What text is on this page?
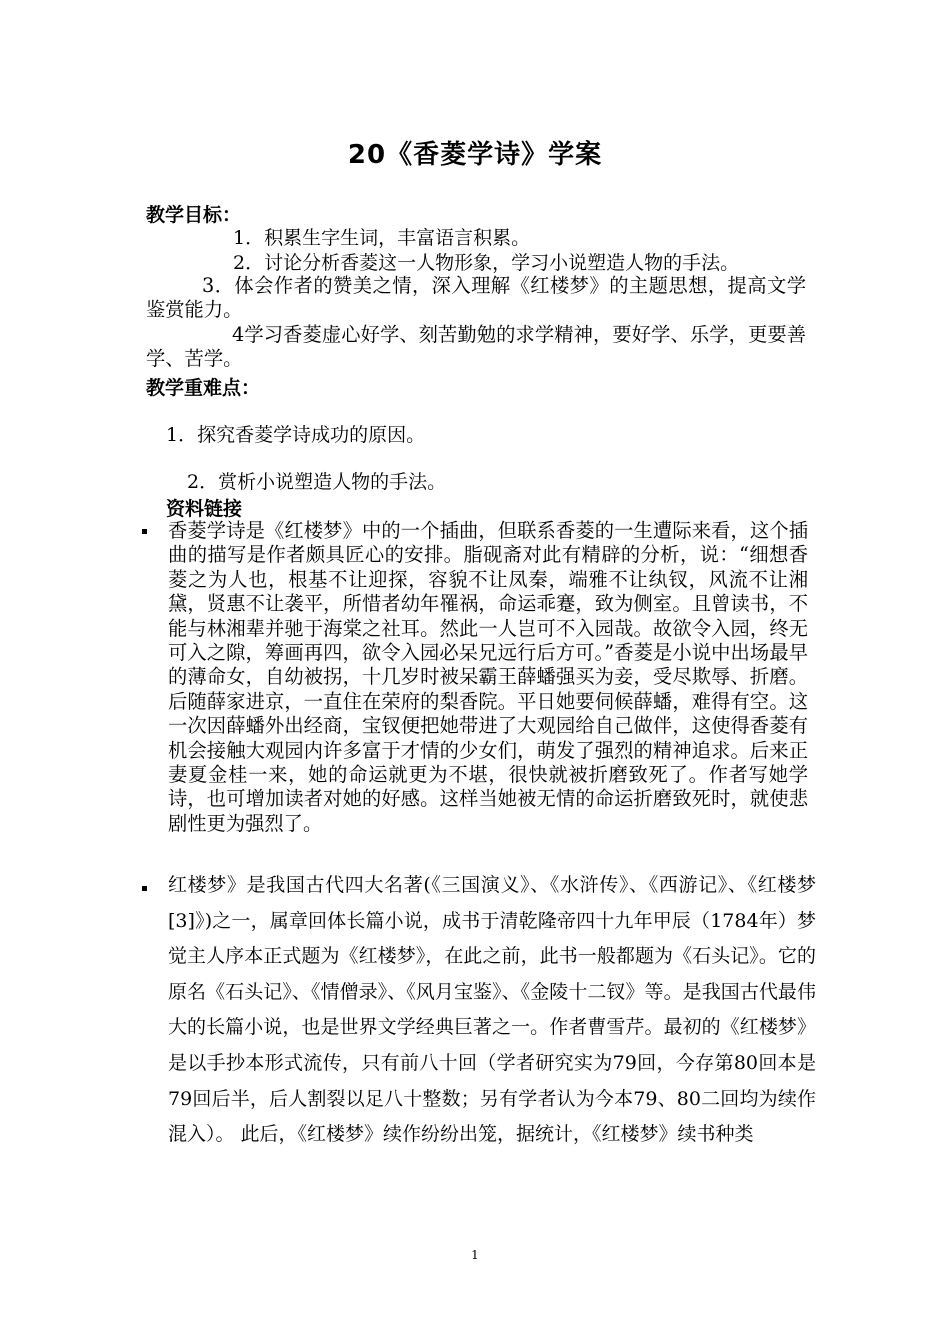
20《香菱学诗》学案
教学目标：
1．积累生字生词，丰富语言积累。
2．讨论分析香菱这一人物形象，学习小说塑造人物的手法。
3．体会作者的赞美之情，深入理解《红楼梦》的主题思想，提高文学鉴赏能力。
4学习香菱虚心好学、刻苦勤勉的求学精神，要好学、乐学，更要善学、苦学。
教学重难点：
1．探究香菱学诗成功的原因。
2．赏析小说塑造人物的手法。
资料链接
香菱学诗是《红楼梦》中的一个插曲，但联系香菱的一生遭际来看，这个插曲的描写是作者颇具匠心的安排。脂砚斋对此有精辟的分析，说：“细想香菱之为人也，根基不让迎探，容貌不让凤秦，端雅不让纨钗，风流不让湘黛，贤惠不让袭平，所惜者幼年罹祸，命运乖蹇，致为侧室。且曾读书，不能与林湘辈并驰于海棠之社耳。然此一人岂可不入园哉。故欲令入园，终无可入之隙，筹画再四，欲令入园必呆兄远行后方可。”香菱是小说中出场最早的薄命女，自幼被拐，十几岁时被呆霸王薛蟠强买为妾，受尽欺辱、折磨。后随薛家进京，一直住在荣府的梨香院。平日她要伺候薛蟠，难得有空。这一次因薛蟠外出经商，宝钗便把她带进了大观园给自己做伴，这使得香菱有机会接触大观园内许多富于才情的少女们，萌发了强烈的精神追求。后来正妻夏金桂一来，她的命运就更为不堪，很快就被折磨致死了。作者写她学诗，也可增加读者对她的好感。这样当她被无情的命运折磨致死时，就使悲剧性更为强烈了。
红楼梦》是我国古代四大名著(《三国演义》、《水浒传》、《西游记》、《红楼梦[3]》)之一，属章回体长篇小说，成书于清乾隆帝四十九年甲辰（1784年）梦觉主人序本正式题为《红楼梦》，在此之前，此书一般都题为《石头记》。它的原名《石头记》、《情僧录》、《风月宝鉴》、《金陵十二钗》等。是我国古代最伟大的长篇小说，也是世界文学经典巨著之一。作者曹雪芹。最初的《红楼梦》是以手抄本形式流传，只有前八十回（学者研究实为79回，今存第80回本是79回后半，后人割裂以足八十整数；另有学者认为今本79、80二回均为续作混入）。 此后，《红楼梦》续作纷纷出笼，据统计，《红楼梦》续书种类
1
